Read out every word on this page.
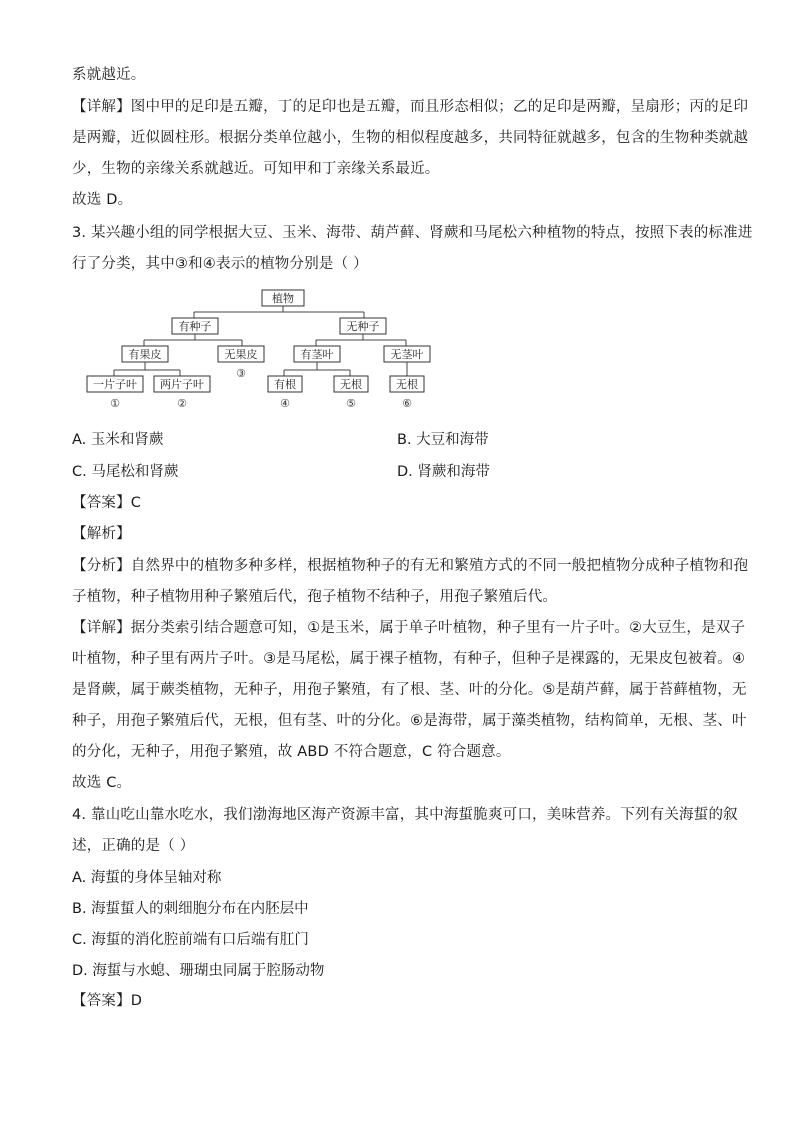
系就越近。
【详解】图中甲的足印是五瓣，丁的足印也是五瓣，而且形态相似；乙的足印是两瓣，呈扇形；丙的足印
是两瓣，近似圆柱形。根据分类单位越小，生物的相似程度越多，共同特征就越多，包含的生物种类就越
少，生物的亲缘关系就越近。可知甲和丁亲缘关系最近。
故选 D。
3. 某兴趣小组的同学根据大豆、玉米、海带、葫芦藓、肾蕨和马尾松六种植物的特点，按照下表的标准进
行了分类，其中③和④表示的植物分别是（ ）
植物
有种子	无种子
有果皮	无果皮
③
有茎叶	无茎叶
一片子叶 两片子叶	有根	无根	无根
①	②	④	⑤	⑥
A. 玉米和肾蕨	B. 大豆和海带
C. 马尾松和肾蕨	D. 肾蕨和海带
【答案】C
【解析】
【分析】自然界中的植物多种多样，根据植物种子的有无和繁殖方式的不同一般把植物分成种子植物和孢
子植物，种子植物用种子繁殖后代，孢子植物不结种子，用孢子繁殖后代。
【详解】据分类索引结合题意可知，①是玉米，属于单子叶植物，种子里有一片子叶。②大豆生，是双子
叶植物，种子里有两片子叶。③是马尾松，属于裸子植物，有种子，但种子是裸露的，无果皮包被着。④
是肾蕨，属于蕨类植物，无种子，用孢子繁殖，有了根、茎、叶的分化。⑤是葫芦藓，属于苔藓植物，无
种子，用孢子繁殖后代，无根，但有茎、叶的分化。⑥是海带，属于藻类植物，结构简单，无根、茎、叶
的分化，无种子，用孢子繁殖，故 ABD 不符合题意，C 符合题意。
故选 C。
4. 靠山吃山靠水吃水，我们渤海地区海产资源丰富，其中海蜇脆爽可口，美味营养。下列有关海蜇的叙
述，正确的是（ ）
A. 海蜇的身体呈轴对称
B. 海蜇蜇人的刺细胞分布在内胚层中
C. 海蜇的消化腔前端有口后端有肛门
D. 海蜇与水螅、珊瑚虫同属于腔肠动物
【答案】D
